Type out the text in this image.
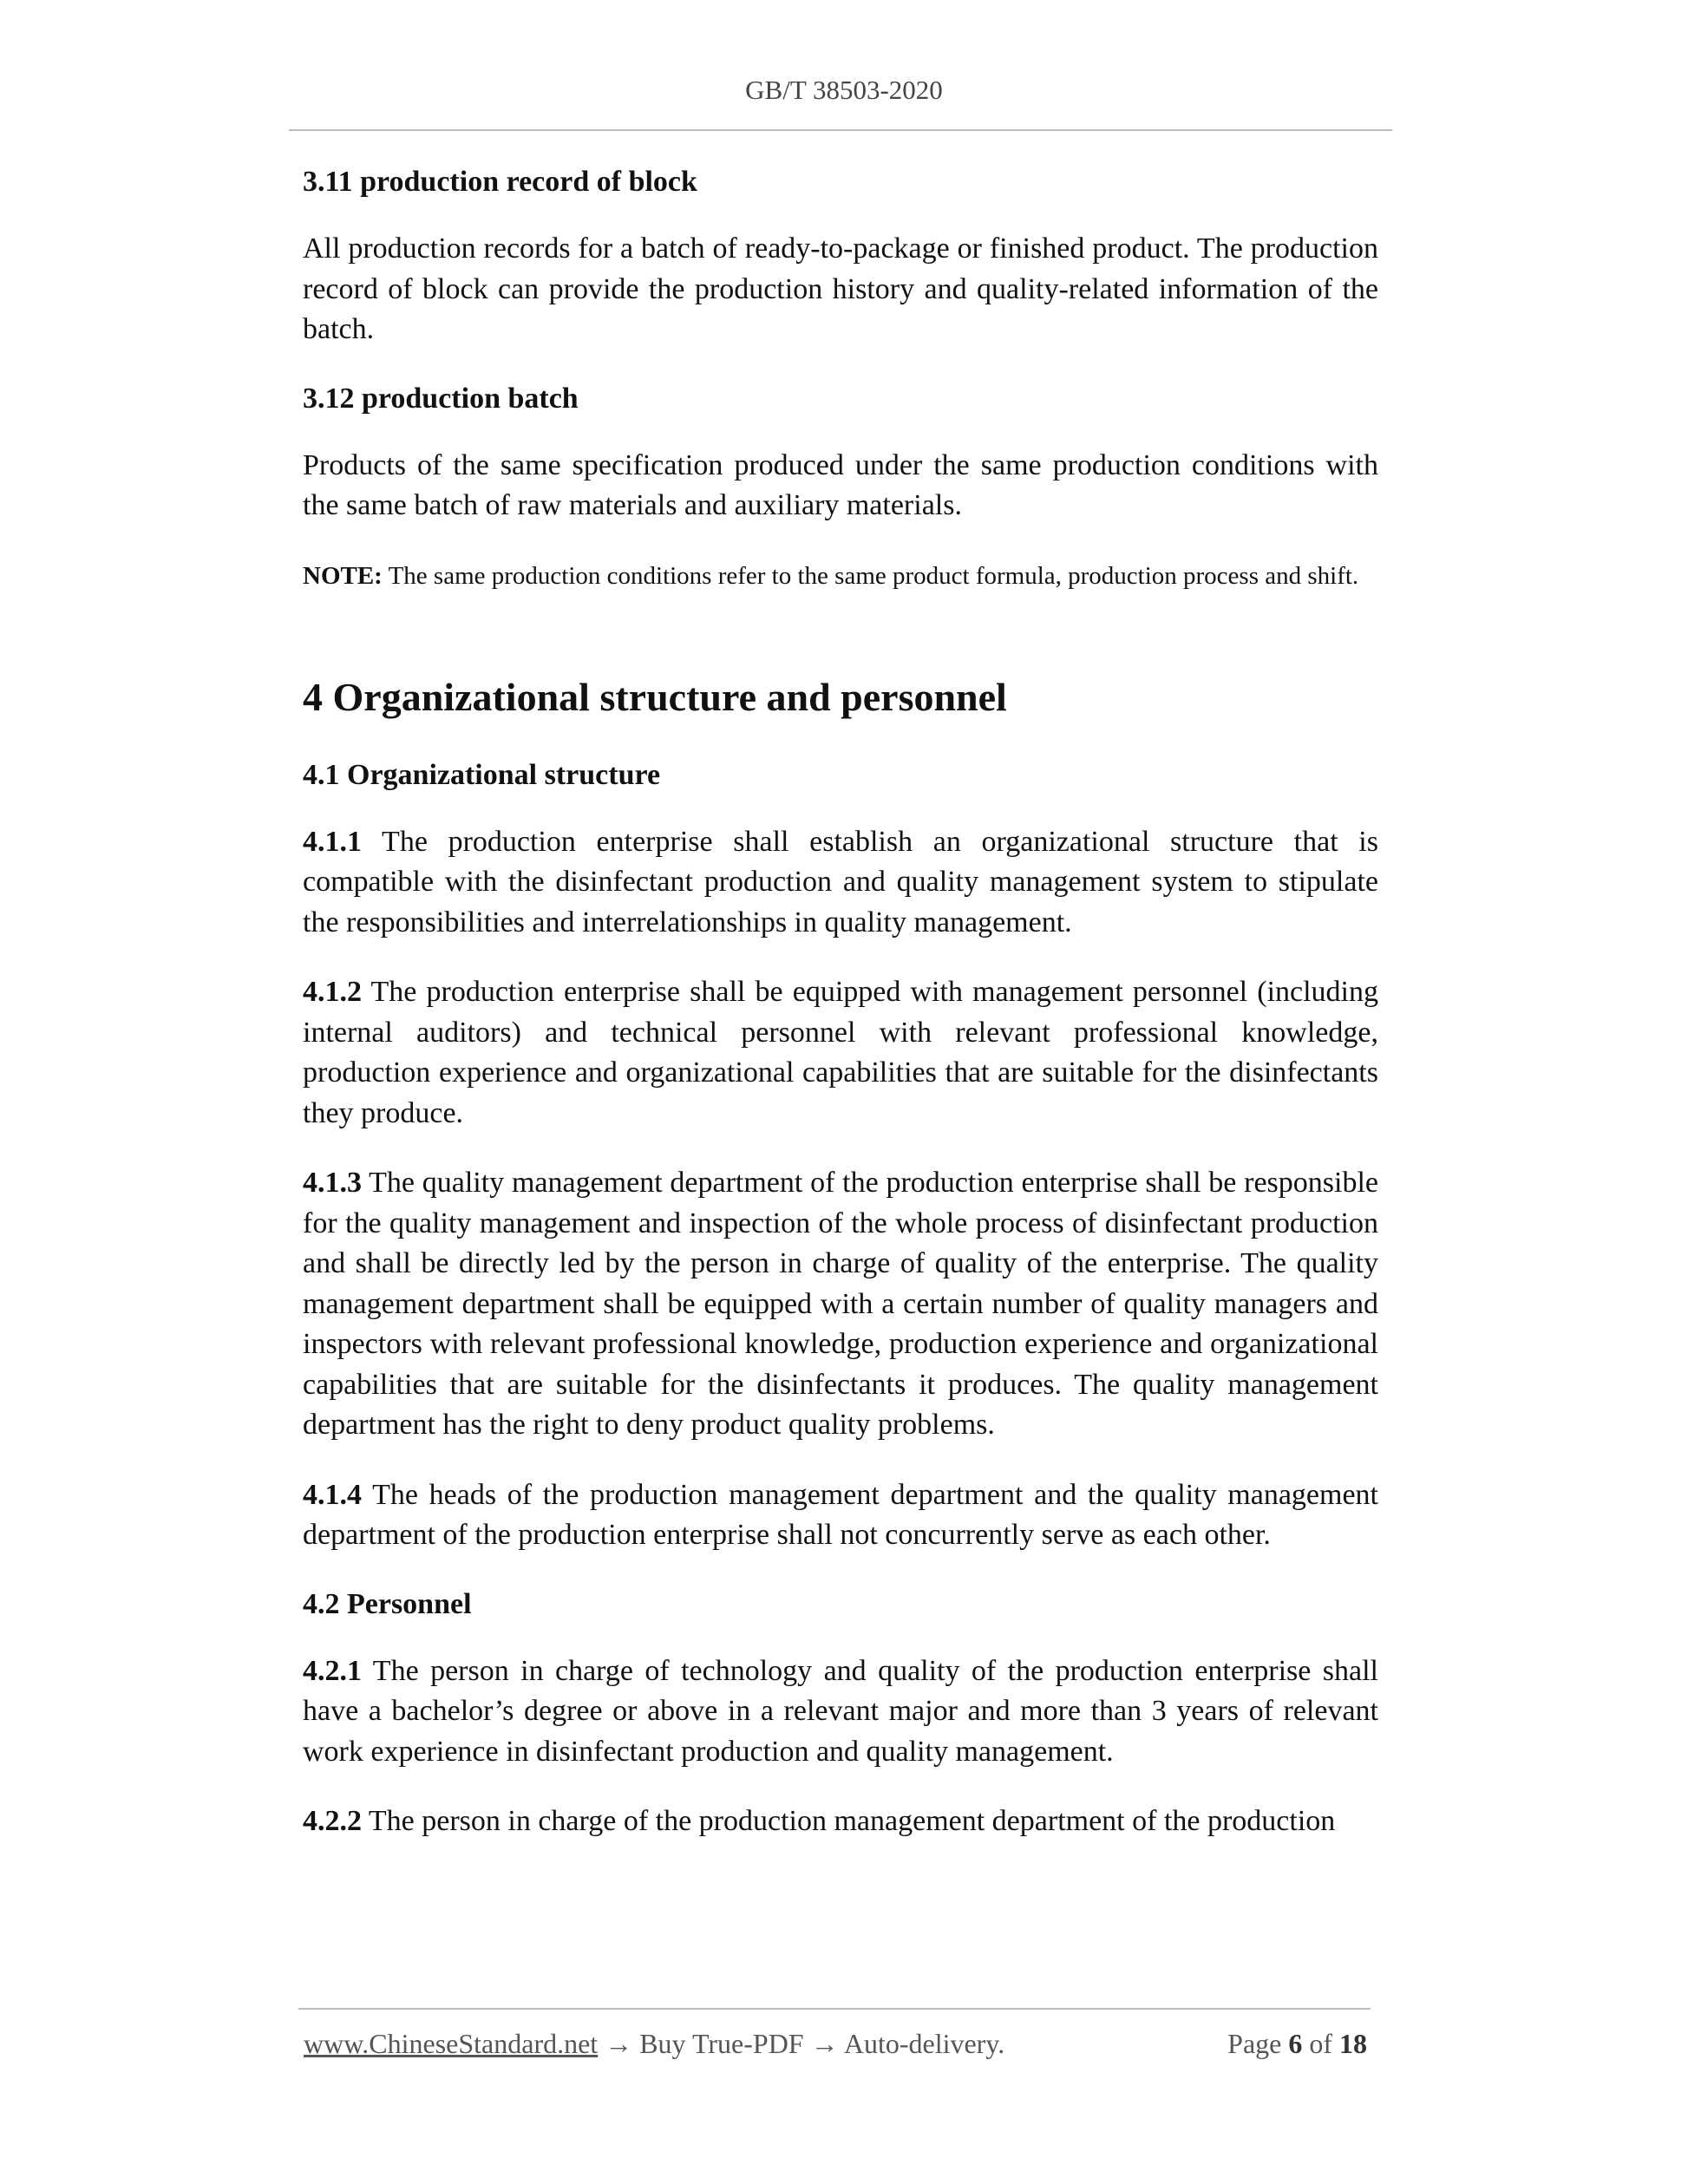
GB/T 38503-2020
3.11 production record of block
All production records for a batch of ready-to-package or finished product. The production record of block can provide the production history and quality-related information of the batch.
3.12 production batch
Products of the same specification produced under the same production conditions with the same batch of raw materials and auxiliary materials.
NOTE: The same production conditions refer to the same product formula, production process and shift.
4 Organizational structure and personnel
4.1 Organizational structure
4.1.1 The production enterprise shall establish an organizational structure that is compatible with the disinfectant production and quality management system to stipulate the responsibilities and interrelationships in quality management.
4.1.2 The production enterprise shall be equipped with management personnel (including internal auditors) and technical personnel with relevant professional knowledge, production experience and organizational capabilities that are suitable for the disinfectants they produce.
4.1.3 The quality management department of the production enterprise shall be responsible for the quality management and inspection of the whole process of disinfectant production and shall be directly led by the person in charge of quality of the enterprise. The quality management department shall be equipped with a certain number of quality managers and inspectors with relevant professional knowledge, production experience and organizational capabilities that are suitable for the disinfectants it produces. The quality management department has the right to deny product quality problems.
4.1.4 The heads of the production management department and the quality management department of the production enterprise shall not concurrently serve as each other.
4.2 Personnel
4.2.1 The person in charge of technology and quality of the production enterprise shall have a bachelor’s degree or above in a relevant major and more than 3 years of relevant work experience in disinfectant production and quality management.
4.2.2 The person in charge of the production management department of the production
www.ChineseStandard.net → Buy True-PDF → Auto-delivery.	Page 6 of 18
